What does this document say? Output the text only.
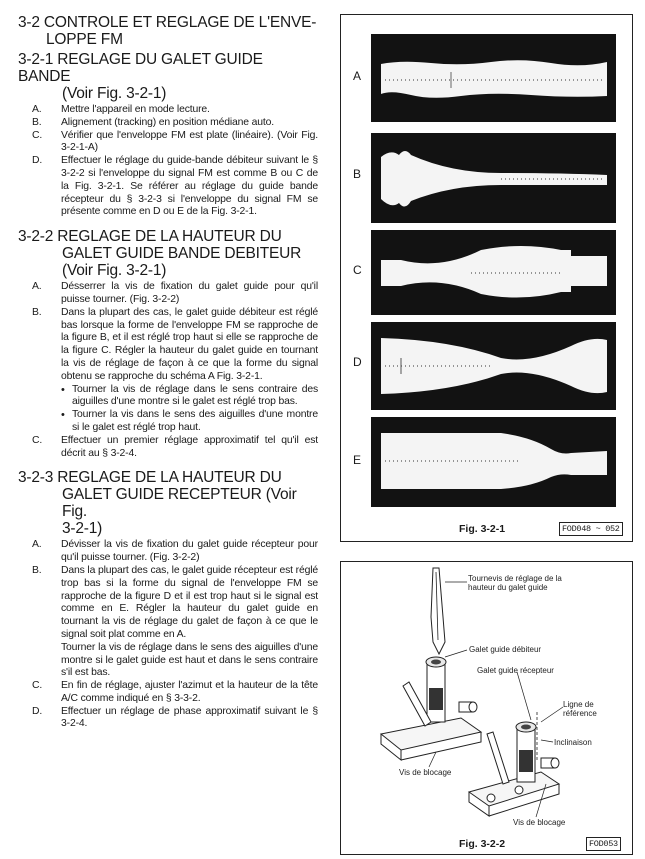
3-2 CONTROLE ET REGLAGE DE L'ENVE-
LOPPE FM
3-2-1 REGLAGE DU GALET GUIDE BANDE
(Voir Fig. 3-2-1)
A. Mettre l'appareil en mode lecture.
B. Alignement (tracking) en position médiane auto.
C. Vérifier que l'enveloppe FM est plate (linéaire). (Voir Fig. 3-2-1-A)
D. Effectuer le réglage du guide-bande débiteur suivant le § 3-2-2 si l'enveloppe du signal FM est comme B ou C de la Fig. 3-2-1. Se référer au réglage du guide bande récepteur du § 3-2-3 si l'enveloppe du signal FM se présente comme en D ou E de la Fig. 3-2-1.
3-2-2 REGLAGE DE LA HAUTEUR DU
GALET GUIDE BANDE DEBITEUR
(Voir Fig. 3-2-1)
A. Désserrer la vis de fixation du galet guide pour qu'il puisse tourner. (Fig. 3-2-2)
B. Dans la plupart des cas, le galet guide débiteur est réglé bas lorsque la forme de l'enveloppe FM se rapproche de la figure B, et il est réglé trop haut si elle se rapproche de la figure C. Régler la hauteur du galet guide en tournant la vis de réglage de façon à ce que la forme du signal obtenu se rapproche du schéma A Fig. 3-2-1.
• Tourner la vis de réglage dans le sens contraire des aiguilles d'une montre si le galet est réglé trop bas.
• Tourner la vis dans le sens des aiguilles d'une montre si le galet est réglé trop haut.
C. Effectuer un premier réglage approximatif tel qu'il est décrit au § 3-2-4.
3-2-3 REGLAGE DE LA HAUTEUR DU
GALET GUIDE RECEPTEUR (Voir Fig.
3-2-1)
A. Dévisser la vis de fixation du galet guide récepteur pour qu'il puisse tourner. (Fig. 3-2-2)
B. Dans la plupart des cas, le galet guide récepteur est réglé trop bas si la forme du signal de l'enveloppe FM se rapproche de la figure D et il est trop haut si le signal est comme en E. Régler la hauteur du galet guide en tournant la vis de réglage du galet de façon à ce que le signal soit plat comme en A.
Tourner la vis de réglage dans le sens des aiguilles d'une montre si le galet guide est haut et dans le sens contraire s'il est bas.
C. En fin de réglage, ajuster l'azimut et la hauteur de la tête A/C comme indiqué en § 3-3-2.
D. Effectuer un réglage de phase approximatif suivant le § 3-2-4.
A
B
C
D
E
Fig. 3-2-1	FOD048 ~ 052
Tournevis de réglage de la hauteur du galet guide
Galet guide débiteur
Galet guide récepteur
Ligne de référence
Inclinaison
Vis de blocage
Vis de blocage
Fig. 3-2-2	FOD053
